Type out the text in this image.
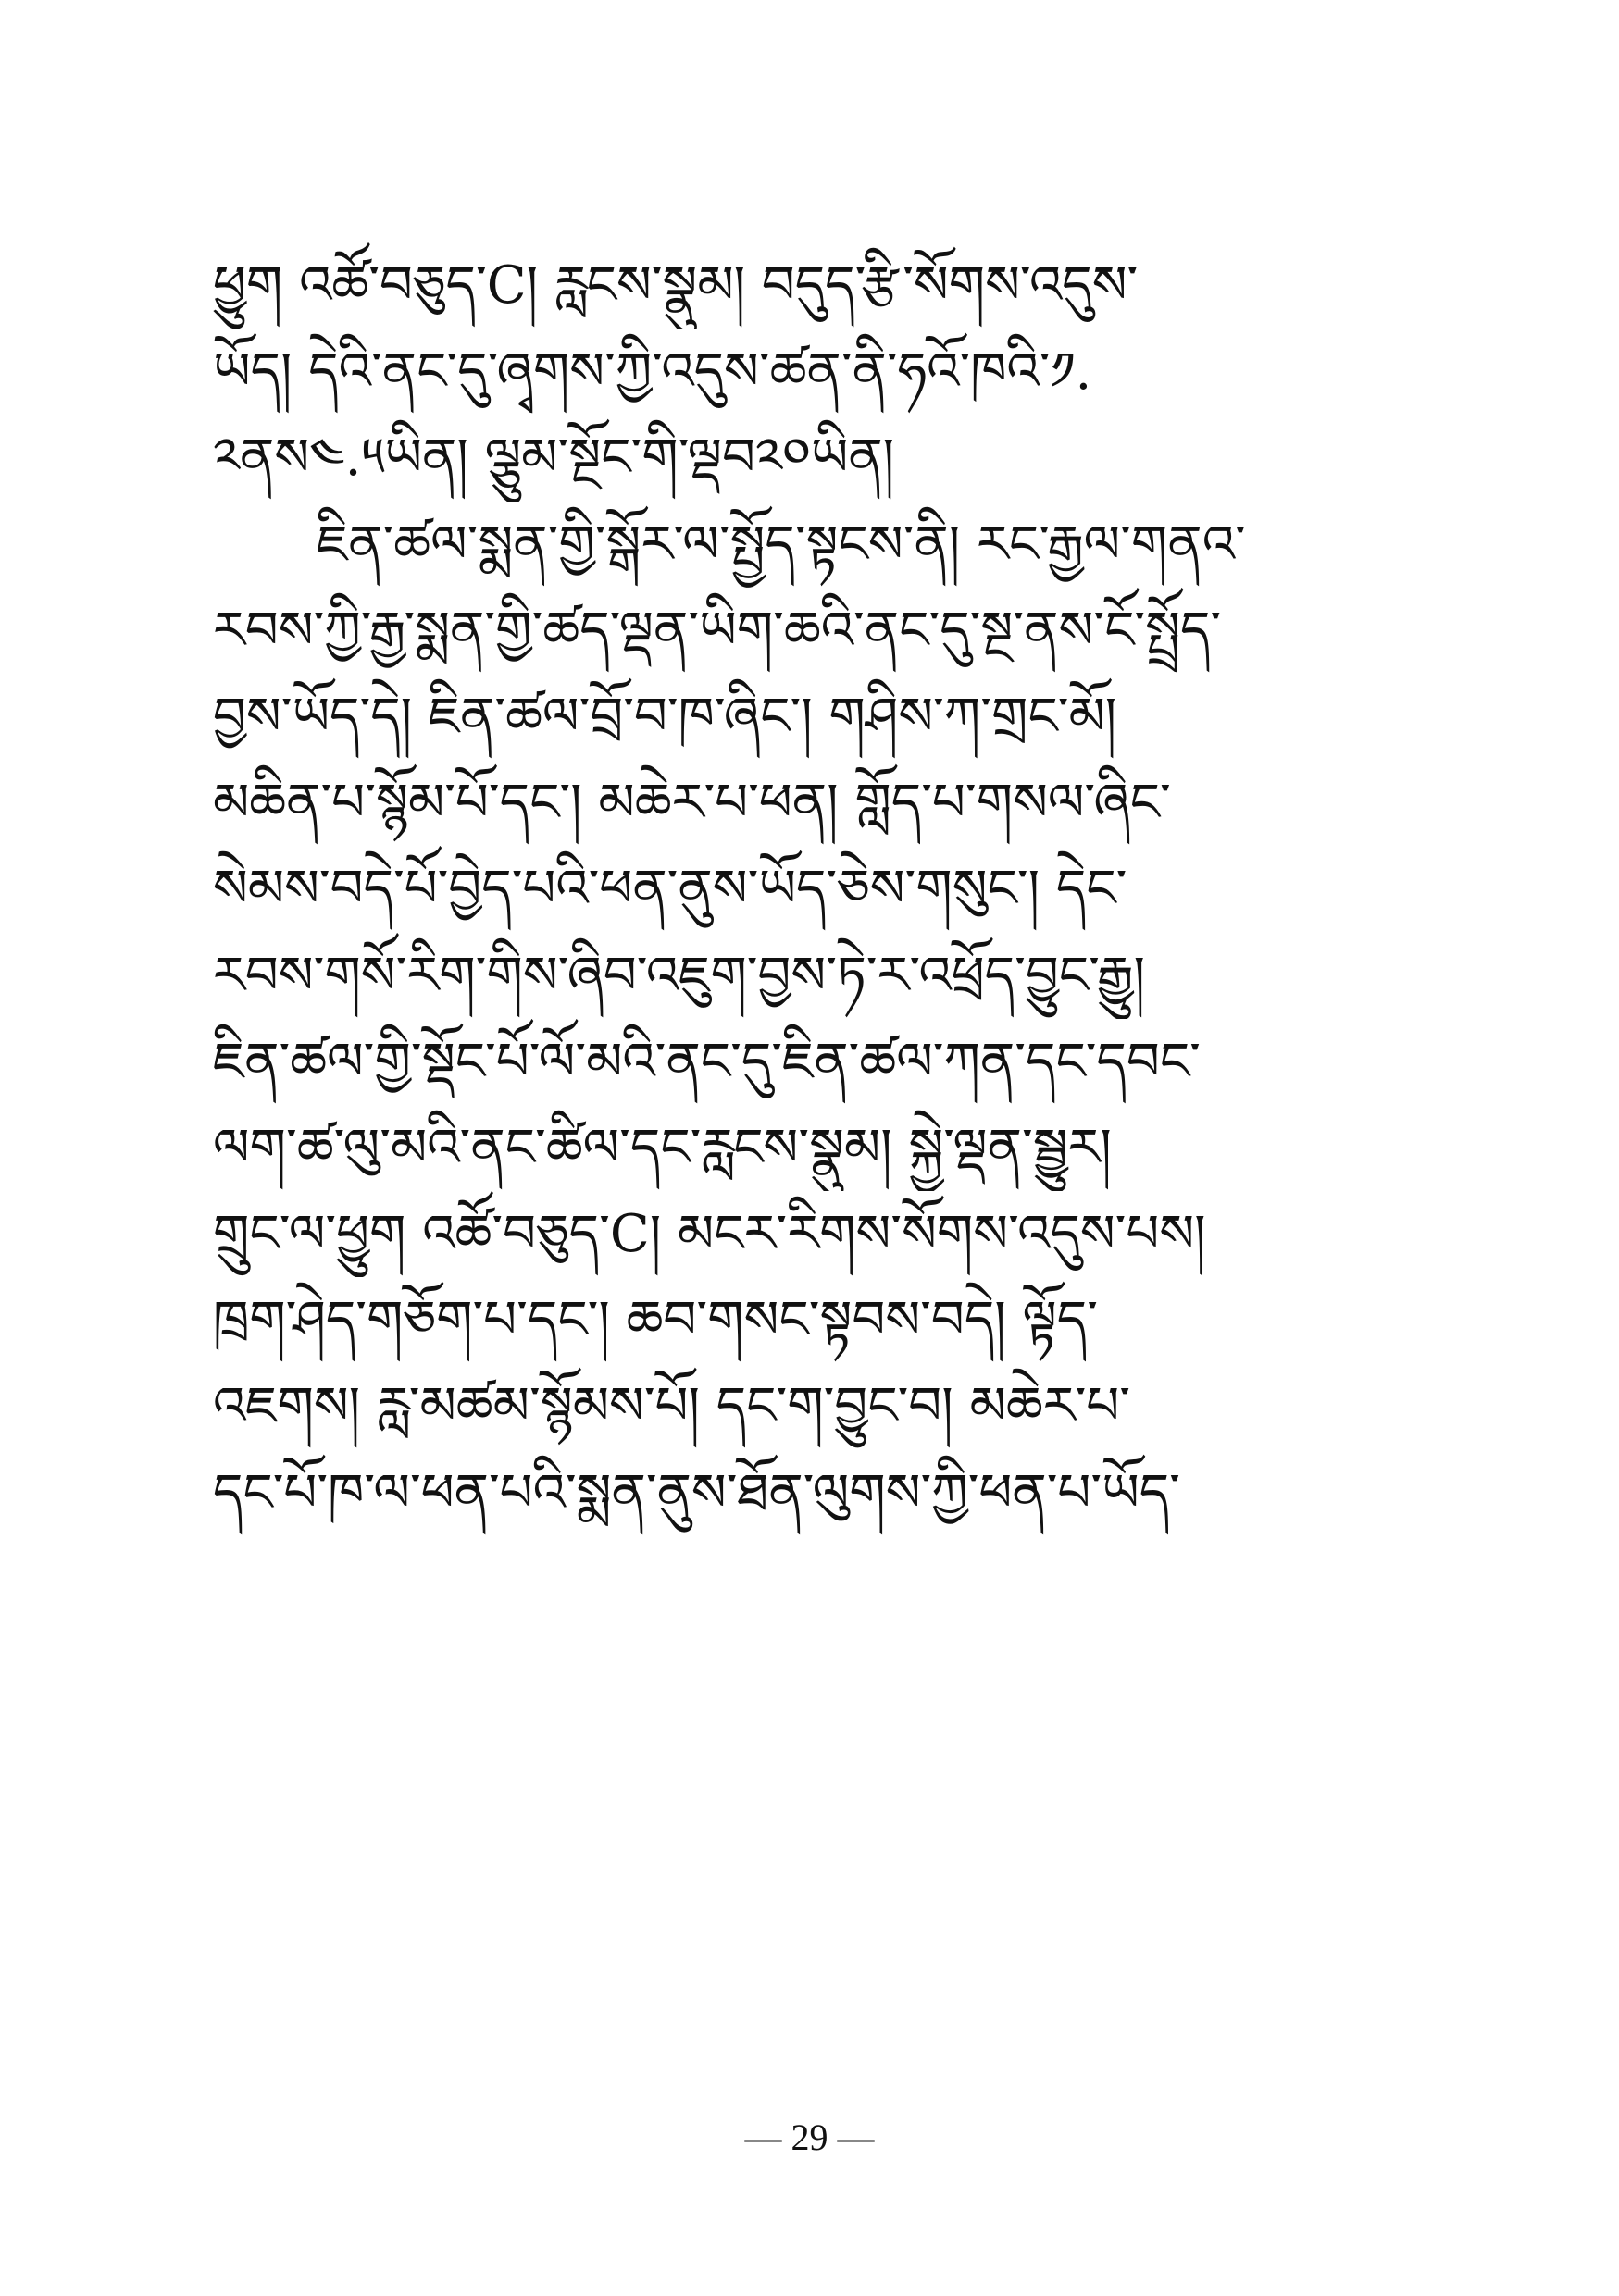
ཕྱུག འཚོ་བཅུད་C། རླངས་སྣུམ། བདུད་རྩི་སོགས་འདུས་
ཡོད། དེའི་ནང་དུ་ཞྭགས་ཀྱི་འདུས་ཚན་ནི་ཧའོ་ཁའི་༡.
༢ནས༤.༥ཡིན། ལྕུམ་སྔོང་གི་ལྡབ༢༠ཡིན།
ཇིན་ཚལ་སྨན་གྱི་སྒོར་ལ་སྤྱོད་སྟངས་ནི། རང་རྒྱལ་གནའ་
རབས་ཀྱི་རྒྱ་སྨན་གྱི་ཚད་ལྡན་ཡིག་ཆའི་ནང་དུ་སྔ་ནས་ངོ་སྤྲོད་
བྱས་ཡོད་དེ། ཇིན་ཚལ་བྲོ་བ་ཁ་ཞིང་། གཤིས་ཀ་གྲང་མོ།
མཆིན་པ་སྙོམ་པོ་དང་། མཆེར་པ་ཕན། གློད་པ་གསལ་ཞིང་
སེམས་བདེ་པོ་བྱེད་པའི་ཕན་ནུས་ཡོད་ཅེས་གསུང་། དེང་
རབས་གསོ་རིག་གིས་ཞིབ་འཇུག་བྱས་ཏེ་ར་འཕྲོད་བྱུང་རྒྱུ།
ཇིན་ཚལ་གྱི་སྡོང་པོ་ལོ་མའི་ནང་དུ་ཇིན་ཚལ་ཀན་དང་དབང་
ལག་ཚ་ལུ་མའི་ནང་ཚིལ་དང་རླངས་སྣུམ། སྐྱེ་ལྡན་སྦྱུར།
གྲུང་ལ་ཕྱུག འཚོ་བཅུད་C། མངར་རིགས་སོགས་འདུས་པས།
ཁྲག་ཤེད་གཅོག་པ་དང་། ཆབ་གསང་སྟབས་བདེ། ལྟོད་
འཇགས། རླ་མཚམ་སྙོམས་པོ། དང་ག་བྱུང་བ། མཆེར་པ་
དང་པོ་ཁ་ལ་ཕན་པའི་སྨན་ནུས་ཐོན་ལུགས་ཀྱི་ཕན་པ་ཡོད་
— 29 —
